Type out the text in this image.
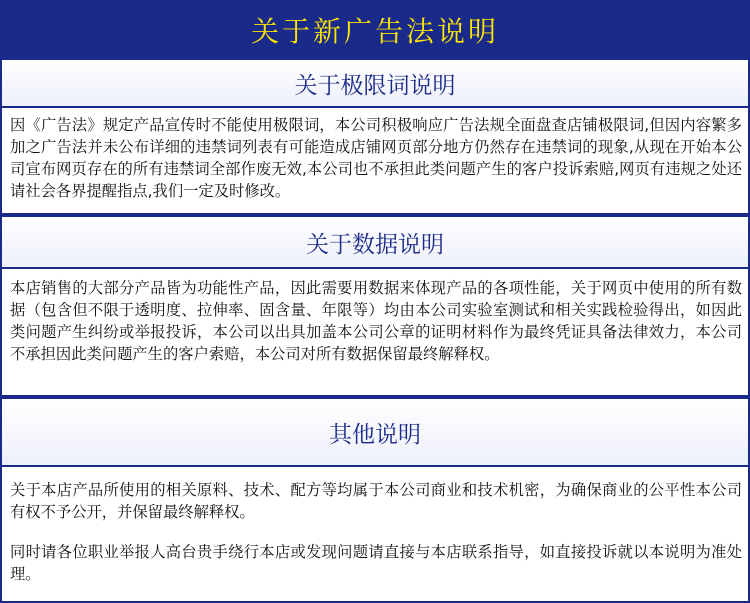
关于新广告法说明
关于极限词说明

因《广告法》规定产品宣传时不能使用极限词，本公司积极响应广告法规全面盘查店铺极限词,但因内容繁多加之广告法并未公布详细的违禁词列表有可能造成店铺网页部分地方仍然存在违禁词的现象,从现在开始本公司宣布网页存在的所有违禁词全部作废无效,本公司也不承担此类问题产生的客户投诉索赔,网页有违规之处还请社会各界提醒指点,我们一定及时修改。

关于数据说明

本店销售的大部分产品皆为功能性产品，因此需要用数据来体现产品的各项性能，关于网页中使用的所有数据（包含但不限于透明度、拉伸率、固含量、年限等）均由本公司实验室测试和相关实践检验得出，如因此类问题产生纠纷或举报投诉，本公司以出具加盖本公司公章的证明材料作为最终凭证具备法律效力，本公司不承担因此类问题产生的客户索赔，本公司对所有数据保留最终解释权。

其他说明

关于本店产品所使用的相关原料、技术、配方等均属于本公司商业和技术机密，为确保商业的公平性本公司有权不予公开，并保留最终解释权。

同时请各位职业举报人高台贵手绕行本店或发现问题请直接与本店联系指导，如直接投诉就以本说明为准处理。
